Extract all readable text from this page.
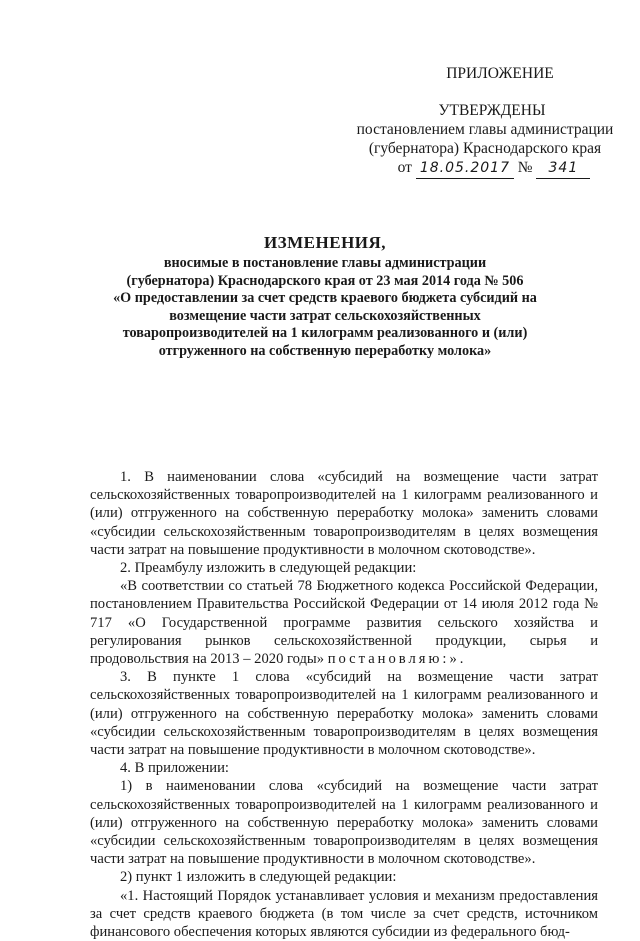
ПРИЛОЖЕНИЕ
УТВЕРЖДЕНЫ
постановлением главы администрации
(губернатора) Краснодарского края
от 18.05.2017 № 341
ИЗМЕНЕНИЯ,
вносимые в постановление главы администрации
(губернатора) Краснодарского края от 23 мая 2014 года № 506
«О предоставлении за счет средств краевого бюджета субсидий на
возмещение части затрат сельскохозяйственных
товаропроизводителей на 1 килограмм реализованного и (или)
отгруженного на собственную переработку молока»

1. В наименовании слова «субсидий на возмещение части затрат сельскохозяйственных товаропроизводителей на 1 килограмм реализованного и (или) отгруженного на собственную переработку молока» заменить словами «субсидии сельскохозяйственным товаропроизводителям в целях возмещения части затрат на повышение продуктивности в молочном скотоводстве».

2. Преамбулу изложить в следующей редакции:

«В соответствии со статьей 78 Бюджетного кодекса Российской Федерации, постановлением Правительства Российской Федерации от 14 июля 2012 года № 717 «О Государственной программе развития сельского хозяйства и регулирования рынков сельскохозяйственной продукции, сырья и продовольствия на 2013 – 2020 годы» постановляю:».

3. В пункте 1 слова «субсидий на возмещение части затрат сельскохозяйственных товаропроизводителей на 1 килограмм реализованного и (или) отгруженного на собственную переработку молока» заменить словами «субсидии сельскохозяйственным товаропроизводителям в целях возмещения части затрат на повышение продуктивности в молочном скотоводстве».

4. В приложении:

1) в наименовании слова «субсидий на возмещение части затрат сельскохозяйственных товаропроизводителей на 1 килограмм реализованного и (или) отгруженного на собственную переработку молока» заменить словами «субсидии сельскохозяйственным товаропроизводителям в целях возмещения части затрат на повышение продуктивности в молочном скотоводстве».

2) пункт 1 изложить в следующей редакции:

«1. Настоящий Порядок устанавливает условия и механизм предоставления за счет средств краевого бюджета (в том числе за счет средств, источником финансового обеспечения которых являются субсидии из федерального бюд-
